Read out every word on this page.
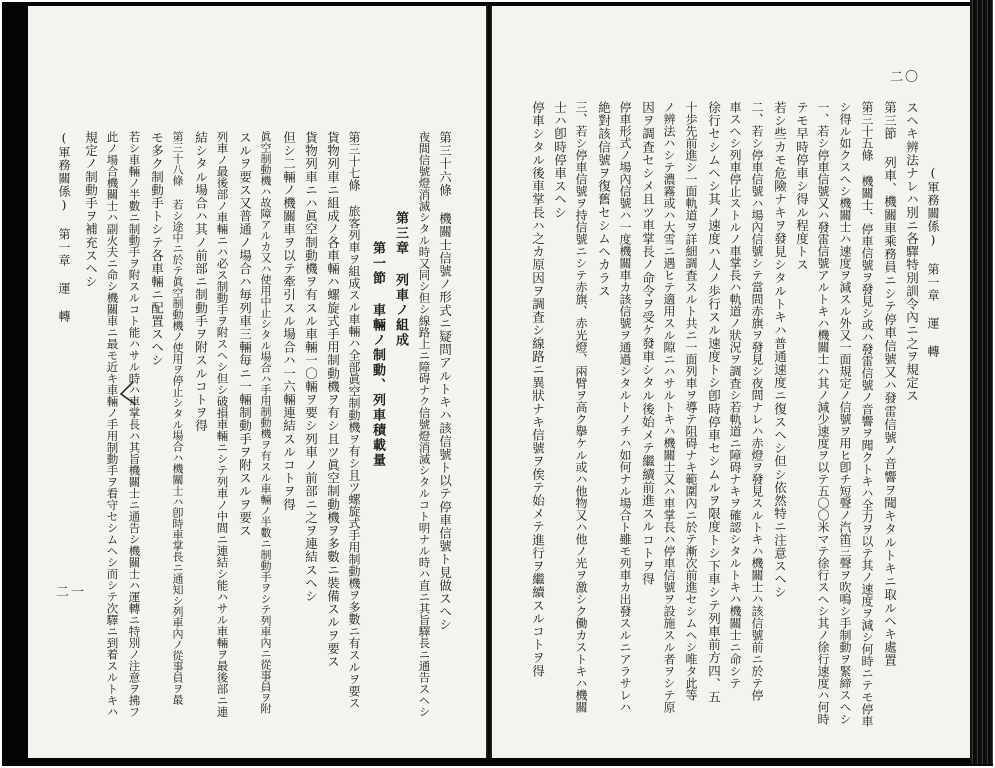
第三十六條 機關士信號ノ形式ニ疑問アルトキハ該信號ト以テ停車信號ト見做スヘシ
夜間信號燈消滅シタル時又同シ但シ線路上ニ障碍ナク信號燈消滅シタルコト明ナル時ハ直ニ其旨驛長ニ通告スヘシ
第三章 列車ノ組成
第一節 車輛ノ制動、列車積載量
第三十七條 旅客列車ヲ組成スル車輛ハ全部眞空制動機ヲ有シ且ツ螺旋式手用制動機ヲ多數ニ有スルヲ要ス
貨物列車ニ組成ノ各車輛ハ螺旋式手用制動機ヲ有シ且ツ眞空制動機ヲ多數ニ裝備スルヲ要ス
貨物列車ニハ眞空制動機ヲ有スル車輛一〇輛ヲ要シ列車ノ前部ニ之ヲ連結スヘシ
但シ二輛ノ機關車ヲ以テ牽引スル場合ハ一六輛連結スルコトヲ得
眞空制動機ハ故障アルカ又ハ使用中止シタル場合ハ手用制動機ヲ有スル車輛ノ半數ニ制動手ヲシテ列車內ニ從事員ヲ附
スルヲ要ス又普通ノ場合ハ毎列車三輛毎ニ一輛制動手ヲ附スルヲ要ス
列車ノ最後部ノ車輛ニハ必ス制動手ヲ附スヘシ但シ破損車輛ニシテ列車ノ中間ニ連結シ能ハサル車輛ヲ最後部ニ連
結シタル場合ハ其ノ前部ニ制動手ヲ附スルコトヲ得
第三十八條 若シ途中ニ於テ眞空制動機ノ使用ヲ停止シタル場合ハ機關士ハ卽時車掌長ニ通知シ列車內ノ從事員ヲ最
モ多ク制動手トシテ各車輛ニ配置スヘシ
若シ車輛ノ半數ニ制動手ヲ附スルコト能ハサル時ハ車掌長ハ其旨機關士ニ通告シ機關士ハ運轉ニ特別ノ注意ヲ拂フ
此ノ場合機關士ハ副火夫ニ命シ機關車ニ最モ近キ車輛ノ手用制動手ヲ看守セシムヘシ而シテ次驛ニ到着スルトキハ
規定ノ制動手ヲ補充スヘシ
(軍務關係) 第一章 運 轉
二一
二〇
(軍務關係) 第一章 運 轉
スヘキ辨法ナレハ別ニ各驛特別訓令內ニ之ヲ規定ス
第三節 列車、機關車乘務員ニシテ停車信號又ハ發雷信號ノ音響ヲ聞キタルトキニ取ルヘキ處置
第三十五條 機關士、停車信號ヲ發見シ或ハ發雷信號ノ音響ヲ聞クトキハ全力ヲ以テ其ノ速度ヲ減シ何時ニテモ停車
シ得ル如クスヘシ機關士ハ速度ヲ減スル外又一面規定ノ信號ヲ用ヒ卽チ短聲ノ汽笛三聲ヲ吹鳴シ手制動ヲ緊締スヘシ
一、若シ停車信號又ハ發雷信號アルトキハ機關士ハ其ノ減少速度ヲ以テ五〇〇米マテ徐行スヘシ其ノ徐行速度ハ何時
テモ早時停車シ得ル程度トス
若シ些カモ危險ナキヲ發見シタルトキハ普通速度ニ復スヘシ但シ依然特ニ注意スヘシ
二、若シ停車信號ハ場內信號シテ當間赤旗ヲ發見シ夜間ナレハ赤燈ヲ發見スルトキハ機關士ハ該信號前ニ於テ停
車スヘシ列車停止ストルノ車掌長ハ軌道ノ狀況ヲ調査シ若軌道ニ障碍ナキヲ確認シタルトキハ機關士ニ命シテ
徐行セシムヘシ其ノ速度ハ人ノ歩行スル速度トシ卽時停車セシムルヲ限度トシ下車シテ列車前方四、五
十歩先前進シ一面軌道ヲ詳細調査スルト共ニ一面列車ヲ導テ阻碍ナキ範圍內ニ於テ漸次前進セシムヘシ唯タ此等
ノ辨法ハシテ濃霧或ハ大雪ニ遇ヒテ適用スル隙ニハサルトキハ機關士又ハ車掌長ハ停車信號ヲ設施スル者ヲシテ原
因ヲ調査セシメ且ツ車掌長ノ命令ヲ受ケ發車シタル後始メテ繼續前進スルコトヲ得
停車形式ノ場內信號ハ一度機關車カ該信號ヲ通過シタルトノチハ如何ナル場合ト雖モ列車カ出發スルニアラサレハ
絶對該信號ヲ復舊セシムヘカラス
三、若シ停車信號ヲ持信號ニシテ赤旗、赤光燈、兩臂ヲ高ク擧ケル或ハ他物又ハ他ノ光ヲ激シク働カストキハ機關
士ハ卽時停車スヘシ
停車シタル後車掌長ハ之カ原因ヲ調査シ線路ニ異狀ナキ信號ヲ俟テ始メテ進行ヲ繼續スルコトヲ得
